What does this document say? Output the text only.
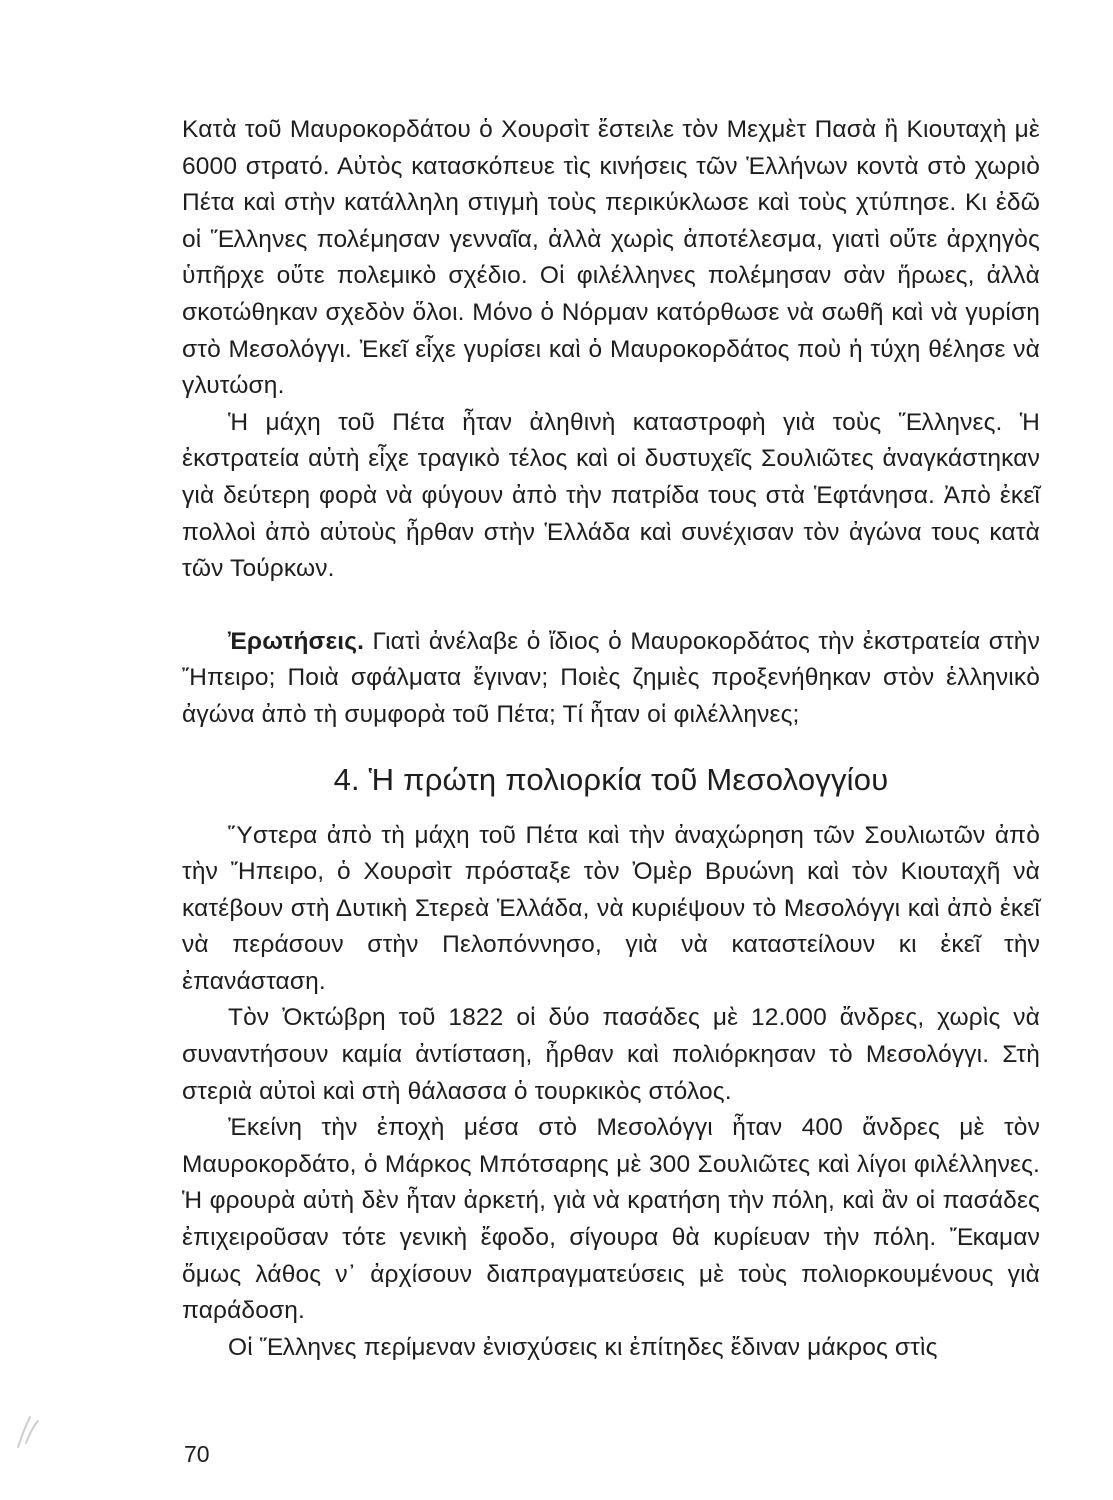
Κατὰ τοῦ Μαυροκορδάτου ὁ Χουρσὶτ ἔστειλε τὸν Μεχμὲτ Πασὰ ἢ Κιουταχὴ μὲ 6000 στρατό. Αὐτὸς κατασκόπευε τὶς κινήσεις τῶν Ἑλλήνων κοντὰ στὸ χωριὸ Πέτα καὶ στὴν κατάλληλη στιγμὴ τοὺς περικύκλωσε καὶ τοὺς χτύπησε. Κι ἐδῶ οἱ Ἕλληνες πολέμησαν γενναῖα, ἀλλὰ χωρὶς ἀποτέλεσμα, γιατὶ οὔτε ἀρχηγὸς ὑπῆρχε οὔτε πολεμικὸ σχέδιο. Οἱ φιλέλληνες πολέμησαν σὰν ἥρωες, ἀλλὰ σκοτώθηκαν σχεδὸν ὅλοι. Μόνο ὁ Νόρμαν κατόρθωσε νὰ σωθῆ καὶ νὰ γυρίση στὸ Μεσολόγγι. Ἐκεῖ εἶχε γυρίσει καὶ ὁ Μαυροκορδάτος ποὺ ἡ τύχη θέλησε νὰ γλυτώση.

Ἡ μάχη τοῦ Πέτα ἦταν ἀληθινὴ καταστροφὴ γιὰ τοὺς Ἕλληνες. Ἡ ἐκστρατεία αὐτὴ εἶχε τραγικὸ τέλος καὶ οἱ δυστυχεῖς Σουλιῶτες ἀναγκάστηκαν γιὰ δεύτερη φορὰ νὰ φύγουν ἀπὸ τὴν πατρίδα τους στὰ Ἑφτάνησα. Ἀπὸ ἐκεῖ πολλοὶ ἀπὸ αὐτοὺς ἦρθαν στὴν Ἑλλάδα καὶ συνέχισαν τὸν ἀγώνα τους κατὰ τῶν Τούρκων.

Ἐρωτήσεις. Γιατὶ ἀνέλαβε ὁ ἴδιος ὁ Μαυροκορδάτος τὴν ἐκστρατεία στὴν Ἤπειρο; Ποιὰ σφάλματα ἔγιναν; Ποιὲς ζημιὲς προξενήθηκαν στὸν ἑλληνικὸ ἀγώνα ἀπὸ τὴ συμφορὰ τοῦ Πέτα; Τί ἦταν οἱ φιλέλληνες;

4. Ἡ πρώτη πολιορκία τοῦ Μεσολογγίου

Ὕστερα ἀπὸ τὴ μάχη τοῦ Πέτα καὶ τὴν ἀναχώρηση τῶν Σουλιωτῶν ἀπὸ τὴν Ἤπειρο, ὁ Χουρσὶτ πρόσταξε τὸν Ὀμὲρ Βρυώνη καὶ τὸν Κιουταχῆ νὰ κατέβουν στὴ Δυτικὴ Στερεὰ Ἑλλάδα, νὰ κυριέψουν τὸ Μεσολόγγι καὶ ἀπὸ ἐκεῖ νὰ περάσουν στὴν Πελοπόννησο, γιὰ νὰ καταστείλουν κι ἐκεῖ τὴν ἐπανάσταση.

Τὸν Ὀκτώβρη τοῦ 1822 οἱ δύο πασάδες μὲ 12.000 ἄνδρες, χωρὶς νὰ συναντήσουν καμία ἀντίσταση, ἦρθαν καὶ πολιόρκησαν τὸ Μεσολόγγι. Στὴ στεριὰ αὐτοὶ καὶ στὴ θάλασσα ὁ τουρκικὸς στόλος.

Ἐκείνη τὴν ἐποχὴ μέσα στὸ Μεσολόγγι ἦταν 400 ἄνδρες μὲ τὸν Μαυροκορδάτο, ὁ Μάρκος Μπότσαρης μὲ 300 Σουλιῶτες καὶ λίγοι φιλέλληνες. Ἡ φρουρὰ αὐτὴ δὲν ἦταν ἀρκετή, γιὰ νὰ κρατήση τὴν πόλη, καὶ ἂν οἱ πασάδες ἐπιχειροῦσαν τότε γενικὴ ἔφοδο, σίγουρα θὰ κυρίευαν τὴν πόλη. Ἔκαμαν ὅμως λάθος ν᾽ ἀρχίσουν διαπραγματεύσεις μὲ τοὺς πολιορκουμένους γιὰ παράδοση.

Οἱ Ἕλληνες περίμεναν ἐνισχύσεις κι ἐπίτηδες ἔδιναν μάκρος στὶς

70
